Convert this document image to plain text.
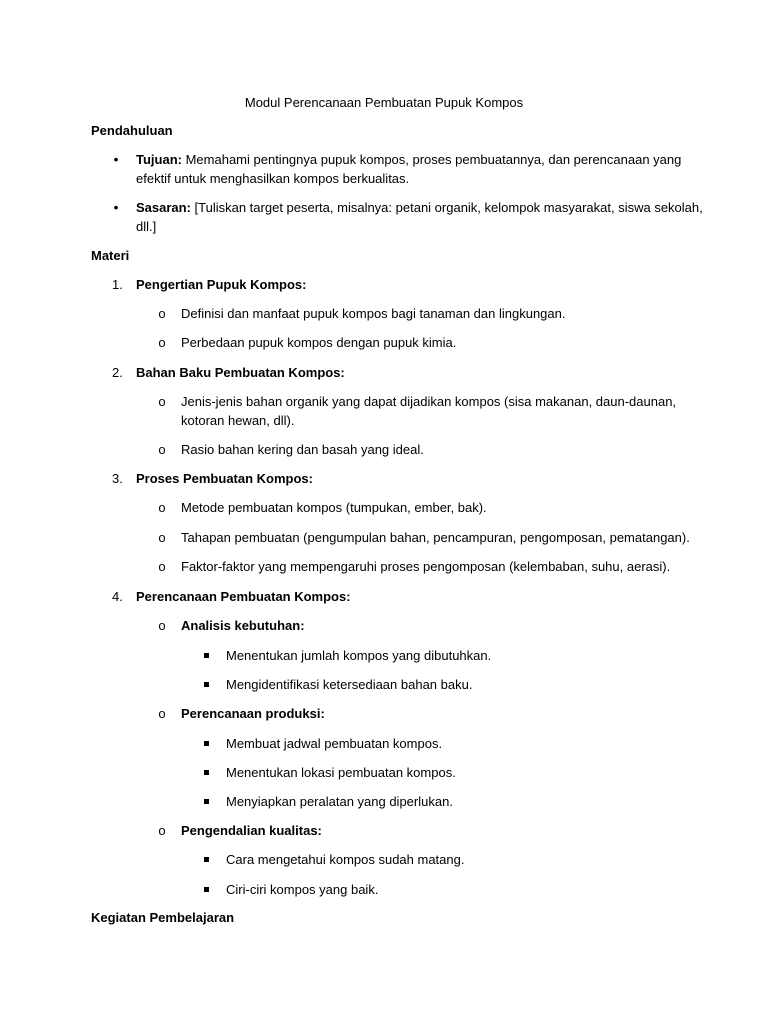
Modul Perencanaan Pembuatan Pupuk Kompos
Pendahuluan
• Tujuan: Memahami pentingnya pupuk kompos, proses pembuatannya, dan perencanaan yang
efektif untuk menghasilkan kompos berkualitas.
• Sasaran: [Tuliskan target peserta, misalnya: petani organik, kelompok masyarakat, siswa sekolah,
dll.]
Materi
1. Pengertian Pupuk Kompos:
o Definisi dan manfaat pupuk kompos bagi tanaman dan lingkungan.
o Perbedaan pupuk kompos dengan pupuk kimia.
2. Bahan Baku Pembuatan Kompos:
o Jenis-jenis bahan organik yang dapat dijadikan kompos (sisa makanan, daun-daunan,
kotoran hewan, dll).
o Rasio bahan kering dan basah yang ideal.
3. Proses Pembuatan Kompos:
o Metode pembuatan kompos (tumpukan, ember, bak).
o Tahapan pembuatan (pengumpulan bahan, pencampuran, pengomposan, pematangan).
o Faktor-faktor yang mempengaruhi proses pengomposan (kelembaban, suhu, aerasi).
4. Perencanaan Pembuatan Kompos:
o Analisis kebutuhan:
Menentukan jumlah kompos yang dibutuhkan.
Mengidentifikasi ketersediaan bahan baku.
o Perencanaan produksi:
Membuat jadwal pembuatan kompos.
Menentukan lokasi pembuatan kompos.
Menyiapkan peralatan yang diperlukan.
o Pengendalian kualitas:
Cara mengetahui kompos sudah matang.
Ciri-ciri kompos yang baik.
Kegiatan Pembelajaran
